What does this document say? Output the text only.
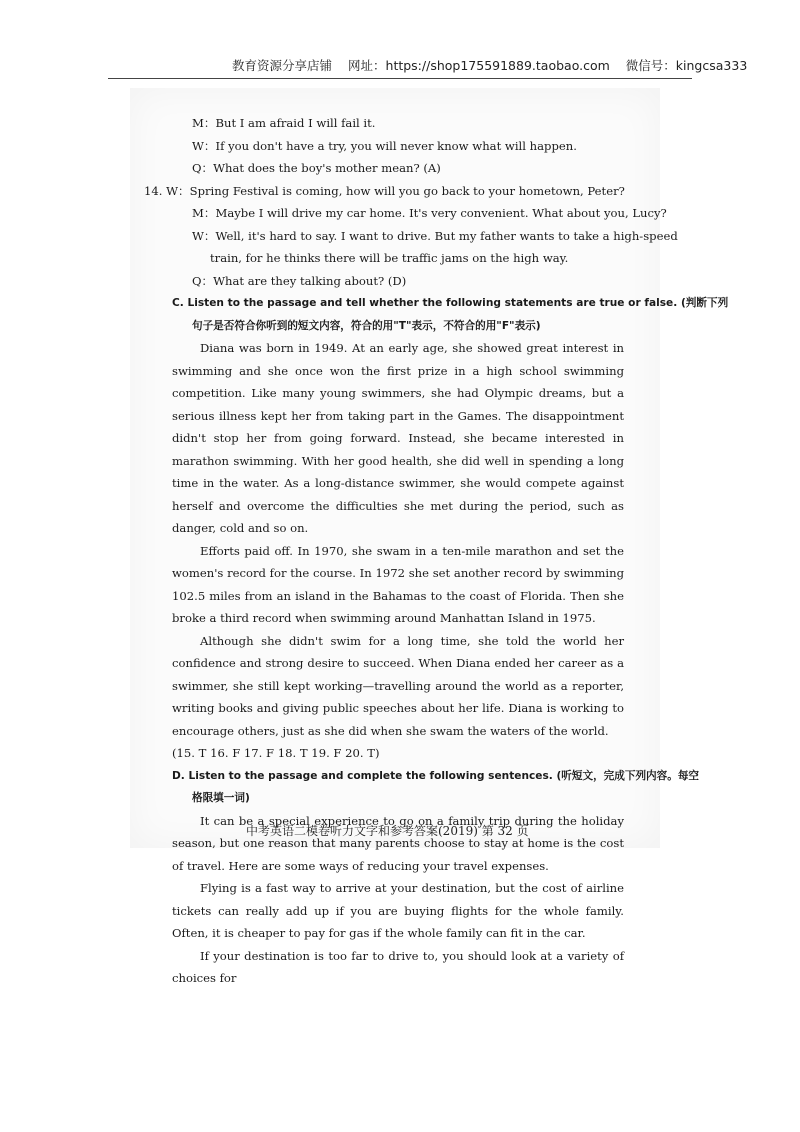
教育资源分享店铺 网址：https://shop175591889.taobao.com 微信号：kingcsa333
M：But I am afraid I will fail it.
W：If you don't have a try, you will never know what will happen.
Q：What does the boy's mother mean? (A)
14. W：Spring Festival is coming, how will you go back to your hometown, Peter?
M：Maybe I will drive my car home. It's very convenient. What about you, Lucy?
W：Well, it's hard to say. I want to drive. But my father wants to take a high-speed
train, for he thinks there will be traffic jams on the high way.
Q：What are they talking about? (D)
C. Listen to the passage and tell whether the following statements are true or false. (判断下列
句子是否符合你听到的短文内容，符合的用"T"表示，不符合的用"F"表示)

Diana was born in 1949. At an early age, she showed great interest in swimming and she once won the first prize in a high school swimming competition. Like many young swimmers, she had Olympic dreams, but a serious illness kept her from taking part in the Games. The disappointment didn't stop her from going forward. Instead, she became interested in marathon swimming. With her good health, she did well in spending a long time in the water. As a long-distance swimmer, she would compete against herself and overcome the difficulties she met during the period, such as danger, cold and so on.

Efforts paid off. In 1970, she swam in a ten-mile marathon and set the women's record for the course. In 1972 she set another record by swimming 102.5 miles from an island in the Bahamas to the coast of Florida. Then she broke a third record when swimming around Manhattan Island in 1975.

Although she didn't swim for a long time, she told the world her confidence and strong desire to succeed. When Diana ended her career as a swimmer, she still kept working—travelling around the world as a reporter, writing books and giving public speeches about her life. Diana is working to encourage others, just as she did when she swam the waters of the world.

(15. T 16. F 17. F 18. T 19. F 20. T)

D. Listen to the passage and complete the following sentences. (听短文，完成下列内容。每空
格限填一词)

It can be a special experience to go on a family trip during the holiday season, but one reason that many parents choose to stay at home is the cost of travel. Here are some ways of reducing your travel expenses.

Flying is a fast way to arrive at your destination, but the cost of airline tickets can really add up if you are buying flights for the whole family. Often, it is cheaper to pay for gas if the whole family can fit in the car.

If your destination is too far to drive to, you should look at a variety of choices for

中考英语二模卷听力文字和参考答案(2019) 第 32 页
